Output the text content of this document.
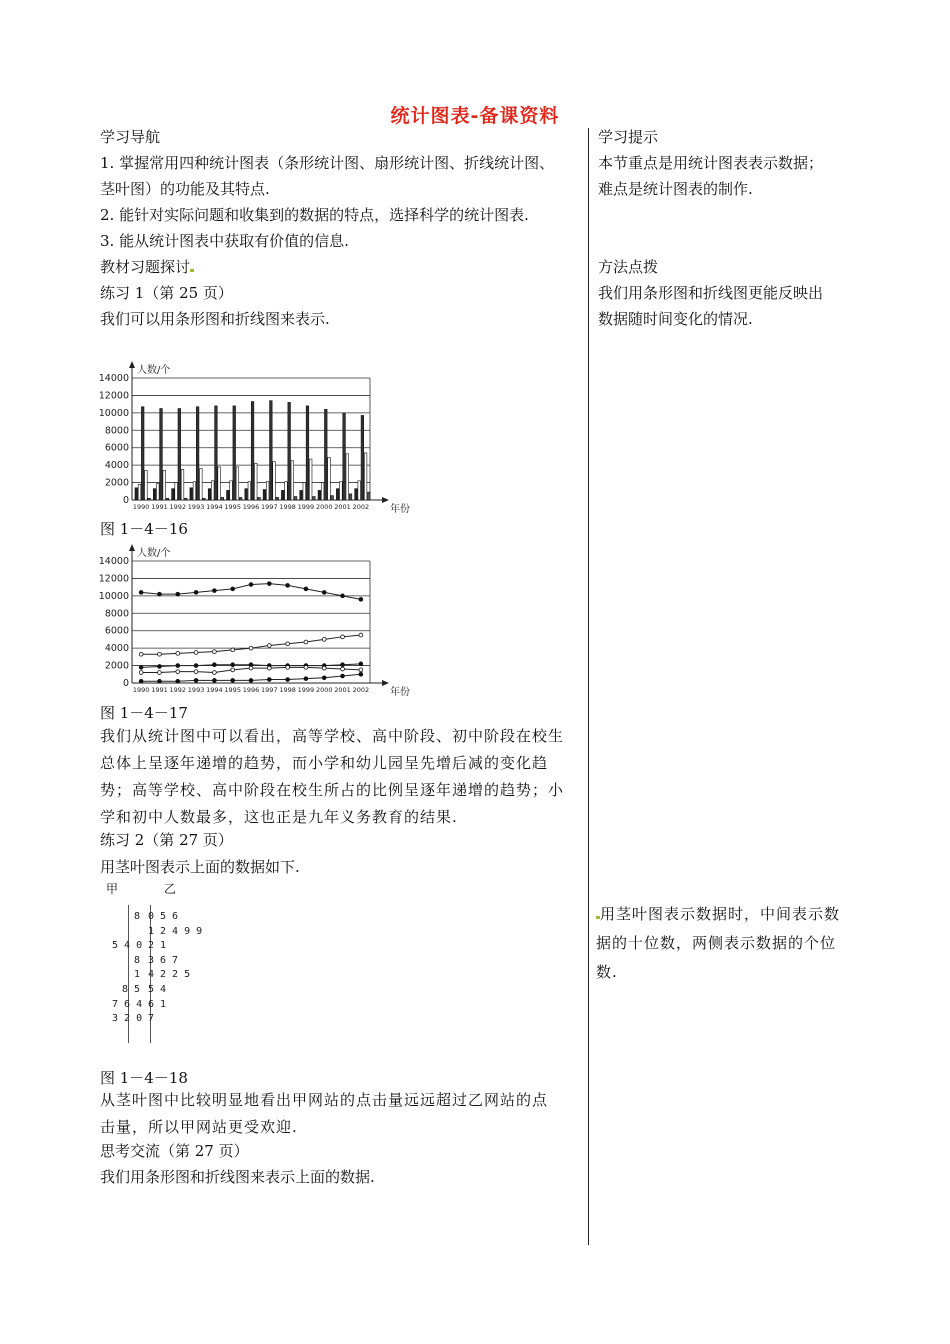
统计图表-备课资料
学习导航
1. 掌握常用四种统计图表（条形统计图、扇形统计图、折线统计图、
茎叶图）的功能及其特点.
2. 能针对实际问题和收集到的数据的特点，选择科学的统计图表.
3. 能从统计图表中获取有价值的信息.
教材习题探讨
练习 1（第 25 页）
我们可以用条形图和折线图来表示.
0
2000
4000
6000
8000
10000
12000
14000
人数/个
年份
1990 1991 1992 1993 1994 1995 1996 1997 1998 1999 2000 2001 2002
图 1－4－16
0
2000
4000
6000
8000
10000
12000
14000
人数/个
年份
1990 1991 1992 1993 1994 1995 1996 1997 1998 1999 2000 2001 2002
图 1－4－17
我们从统计图中可以看出，高等学校、高中阶段、初中阶段在校生
总体上呈逐年递增的趋势，而小学和幼儿园呈先增后减的变化趋
势；高等学校、高中阶段在校生所占的比例呈逐年递增的趋势；小
学和初中人数最多，这也正是九年义务教育的结果.
练习 2（第 27 页）
用茎叶图表示上面的数据如下.
甲	乙
8 0 5 6
1 2 4 9 9
5 4 0 2 1
8 3 6 7
1 4 2 2 5
8 5 5 4
7 6 4 6 1
3 2 0 7
图 1－4－18
从茎叶图中比较明显地看出甲网站的点击量远远超过乙网站的点
击量，所以甲网站更受欢迎.
思考交流（第 27 页）
我们用条形图和折线图来表示上面的数据.
学习提示
本节重点是用统计图表表示数据；
难点是统计图表的制作.
方法点拨
我们用条形图和折线图更能反映出
数据随时间变化的情况.
用茎叶图表示数据时，中间表示数
据的十位数，两侧表示数据的个位
数.
